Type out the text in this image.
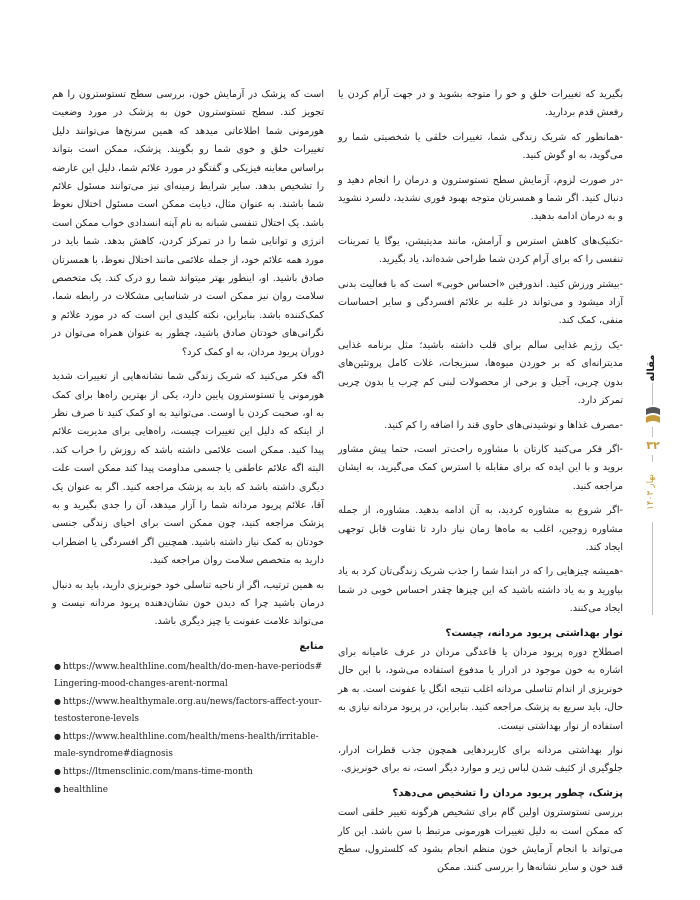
بگیرید که تغییرات خلق و خو را متوجه بشوید و در جهت آرام کردن یا رفعش قدم بردارید.

-همانطور که شریک زندگی شما، تغییرات خلقی یا شخصیتی شما رو می‌گوید، به او گوش کنید.

-در صورت لزوم، آزمایش سطح تستوسترون و درمان را انجام دهید و دنبال کنید. اگر شما و همسرتان متوجه بهبود فوری نشدید، دلسرد نشوید و به درمان ادامه بدهید.

-تکنیک‌های کاهش استرس و آرامش، مانند مدیتیشن، یوگا یا تمرینات تنفسی را که برای آرام کردن شما طراحی شده‌اند، یاد بگیرید.

-بیشتر ورزش کنید. اندورفین «احساس خوبی» است که با فعالیت بدنی آزاد میشود و می‌تواند در غلبه بر علائم افسردگی و سایر احساسات منفی، کمک کند.

-یک رژیم غذایی سالم برای قلب داشته باشید؛ مثل برنامه غذایی مدیترانه‌ای که بر خوردن میوه‌ها، سبزیجات، غلات کامل پروتئین‌های بدون چربی، آجیل و برخی از محصولات لبنی کم چرب یا بدون چربی تمرکز دارد.

-مصرف غذاها و نوشیدنی‌های حاوی قند را اضافه را کم کنید.

-اگر فکر می‌کنید کارتان با مشاوره راحت‌تر است، حتما پیش مشاور بروید و با این ایده که برای مقابله با استرس کمک می‌گیرید، به ایشان مراجعه کنید.

-اگر شروع به مشاوره کردید، به آن ادامه بدهید. مشاوره، از جمله مشاوره زوجین، اغلب به ماه‌ها زمان نیاز دارد تا تفاوت قابل توجهی ایجاد کند.

-همیشه چیزهایی را که در ابتدا شما را جذب شریک زندگی‌تان کرد به یاد بیاورید و به یاد داشته باشید که این چیزها چقدر احساس خوبی در شما ایجاد می‌کنند.

نوار بهداشتی پریود مردانه، چیست؟

اصطلاح دوره پریود مردان یا قاعدگی مردان در عرف عامیانه برای اشاره به خون موجود در ادرار یا مدفوع استفاده می‌شود، با این حال خونریزی از اندام تناسلی مردانه اغلب نتیجه انگل یا عفونت است. به هر حال، باید سریع به پزشک مراجعه کنید. بنابراین، در پریود مردانه نیازی به استفاده از نوار بهداشتی نیست.

نوار بهداشتی مردانه برای کاربردهایی همچون جذب قطرات ادرار، جلوگیری از کثیف شدن لباس زیر و موارد دیگر است، نه برای خونریزی.

پزشک، چطور پریود مردان را تشخیص می‌دهد؟

بررسی تستوسترون اولین گام برای تشخیص هرگونه تغییر خلقی است که ممکن است به دلیل تغییرات هورمونی مرتبط با سن باشد. این کار می‌تواند با انجام آزمایش خون منظم انجام بشود که کلسترول، سطح قند خون و سایر نشانه‌ها را بررسی کنند. ممکن

است که پزشک در آزمایش خون، بررسی سطح تستوسترون را هم تجویز کند. سطح تستوسترون خون به پزشک در مورد وضعیت هورمونی شما اطلاعاتی میدهد که همین سرنخ‌ها می‌توانند دلیل تغییرات خلق و خوی شما رو بگویند. پزشک، ممکن است بتواند براساس معاینه فیزیکی و گفتگو در مورد علائم شما، دلیل این عارضه را تشخیص بدهد. سایر شرایط زمینه‌ای نیز می‌توانند مسئول علائم شما باشند. به عنوان مثال، دیابت ممکن است مسئول اختلال نعوظ باشد. یک اختلال تنفسی شبانه به نام آپنه انسدادی خواب ممکن است انرژی و توانایی شما را در تمرکز کردن، کاهش بدهد. شما باید در مورد همه علائم خود، از جمله علائمی مانند اختلال نعوظ، با همسرتان صادق باشید. او، اینطور بهتر میتواند شما رو درک کند. یک متخصص سلامت روان نیز ممکن است در شناسایی مشکلات در رابطه شما، کمک‌کننده باشد. بنابراین، نکته کلیدی این است که در مورد علائم و نگرانی‌های خودتان صادق باشید، چطور به عنوان همراه می‌توان در دوران پریود مردان، به او کمک کرد؟

اگه فکر می‌کنید که شریک زندگی شما نشانه‌هایی از تغییرات شدید هورمونی یا تستوسترون پایین دارد، یکی از بهترین راه‌ها برای کمک به او، صحبت کردن با اوست. می‌توانید به او کمک کنید تا صرف نظر از اینکه که دلیل این تغییرات چیست، راه‌هایی برای مدیریت علائم پیدا کنید. ممکن است علائمی داشته باشد که روزش را خراب کند. البته اگه علائم عاطفی یا جسمی مداومت پیدا کند ممکن است علت دیگری داشته باشد که باید به پزشک مراجعه کنید. اگر به عنوان یک آقا، علائم پریود مردانه شما را آزار میدهد، آن را جدی بگیرید و به پزشک مراجعه کنید، چون ممکن است برای احیای زندگی جنسی خودتان به کمک نیاز داشته باشید. همچنین اگر افسردگی یا اضطراب دارید به متخصص سلامت روان مراجعه کنید.

به همین ترتیب، اگر از ناحیه تناسلی خود خونریزی دارید، باید به دنبال درمان باشید چرا که دیدن خون نشان‌دهنده پریود مردانه نیست و می‌تواند علامت عفونت یا چیز دیگری باشد.

منابع
● https://www.healthline.com/health/do-men-have-periods#Lingering-mood-changes-arent-normal
● https://www.healthymale.org.au/news/factors-affect-your-testosterone-levels
● https://www.healthline.com/health/mens-health/irritable-male-syndrome#diagnosis
● https://ltmensclinic.com/mans-time-month
● healthline
مقاله
۳۲
بهار ۱۴۰۳
